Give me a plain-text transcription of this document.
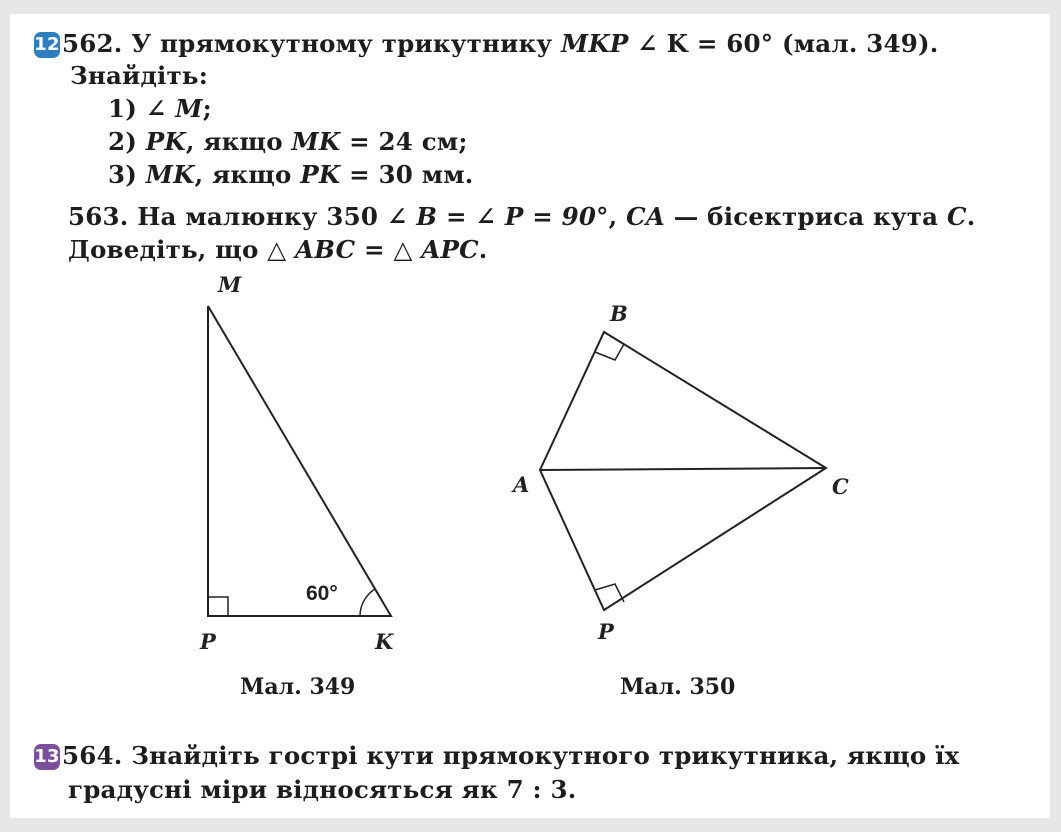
12562. У прямокутному трикутнику MKP ∠ K = 60° (мал. 349).
Знайдіть:
1) ∠ M;
2) PK, якщо MK = 24 см;
3) MK, якщо PK = 30 мм.
563. На малюнку 350 ∠ B = ∠ P = 90°, CA — бісектриса кута C.
Доведіть, що △ ABC = △ APC.
M
P	K
60°
B
A	C
P
Мал. 349	Мал. 350
13564. Знайдіть гострі кути прямокутного трикутника, якщо їх
градусні міри відносяться як 7 : 3.
